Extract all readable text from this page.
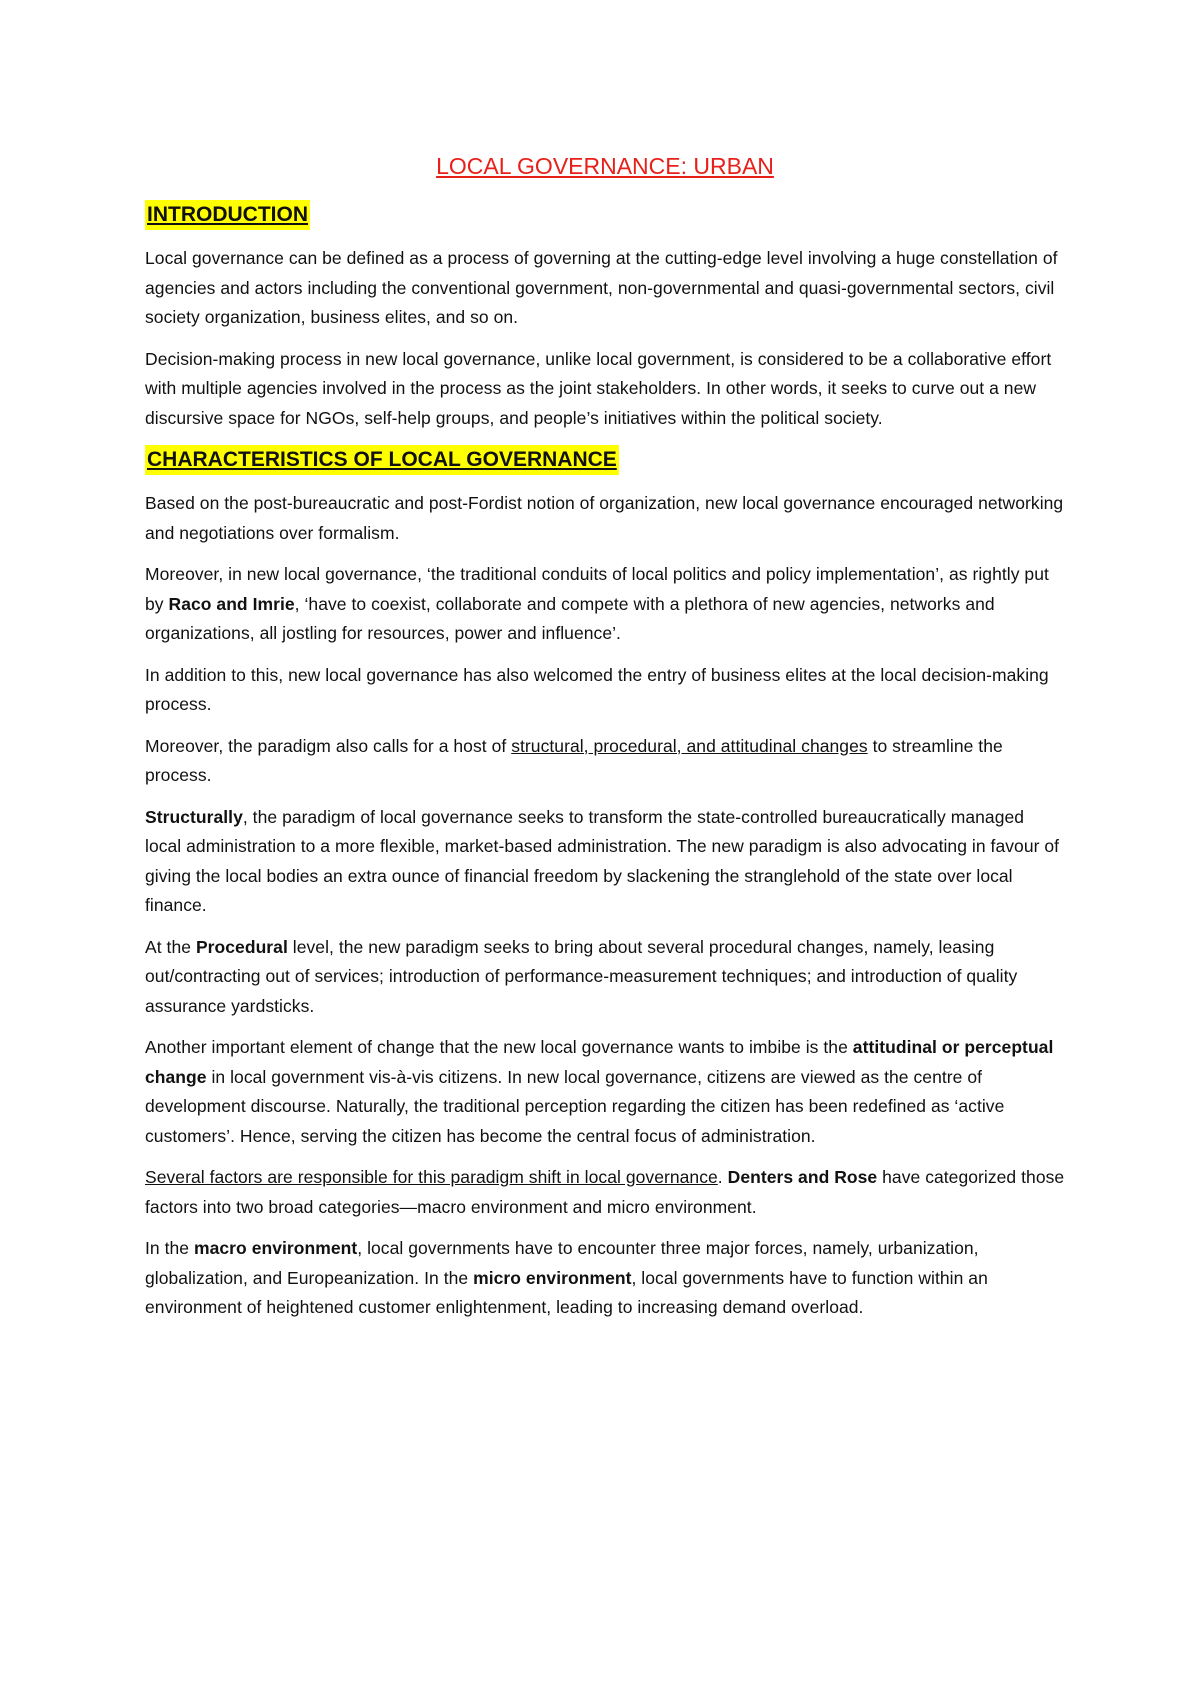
LOCAL GOVERNANCE: URBAN
INTRODUCTION

Local governance can be defined as a process of governing at the cutting-edge level involving a huge constellation of agencies and actors including the conventional government, non-governmental and quasi-governmental sectors, civil society organization, business elites, and so on.

Decision-making process in new local governance, unlike local government, is considered to be a collaborative effort with multiple agencies involved in the process as the joint stakeholders. In other words, it seeks to curve out a new discursive space for NGOs, self-help groups, and people’s initiatives within the political society.

CHARACTERISTICS OF LOCAL GOVERNANCE

Based on the post-bureaucratic and post-Fordist notion of organization, new local governance encouraged networking and negotiations over formalism.

Moreover, in new local governance, ‘the traditional conduits of local politics and policy implementation’, as rightly put by Raco and Imrie, ‘have to coexist, collaborate and compete with a plethora of new agencies, networks and organizations, all jostling for resources, power and influence’.

In addition to this, new local governance has also welcomed the entry of business elites at the local decision-making process.

Moreover, the paradigm also calls for a host of structural, procedural, and attitudinal changes to streamline the process.

Structurally, the paradigm of local governance seeks to transform the state-controlled bureaucratically managed local administration to a more flexible, market-based administration. The new paradigm is also advocating in favour of giving the local bodies an extra ounce of financial freedom by slackening the stranglehold of the state over local finance.

At the Procedural level, the new paradigm seeks to bring about several procedural changes, namely, leasing out/contracting out of services; introduction of performance-measurement techniques; and introduction of quality assurance yardsticks.

Another important element of change that the new local governance wants to imbibe is the attitudinal or perceptual change in local government vis-à-vis citizens. In new local governance, citizens are viewed as the centre of development discourse. Naturally, the traditional perception regarding the citizen has been redefined as ‘active customers’. Hence, serving the citizen has become the central focus of administration.

Several factors are responsible for this paradigm shift in local governance. Denters and Rose have categorized those factors into two broad categories—macro environment and micro environment.

In the macro environment, local governments have to encounter three major forces, namely, urbanization, globalization, and Europeanization. In the micro environment, local governments have to function within an environment of heightened customer enlightenment, leading to increasing demand overload.
